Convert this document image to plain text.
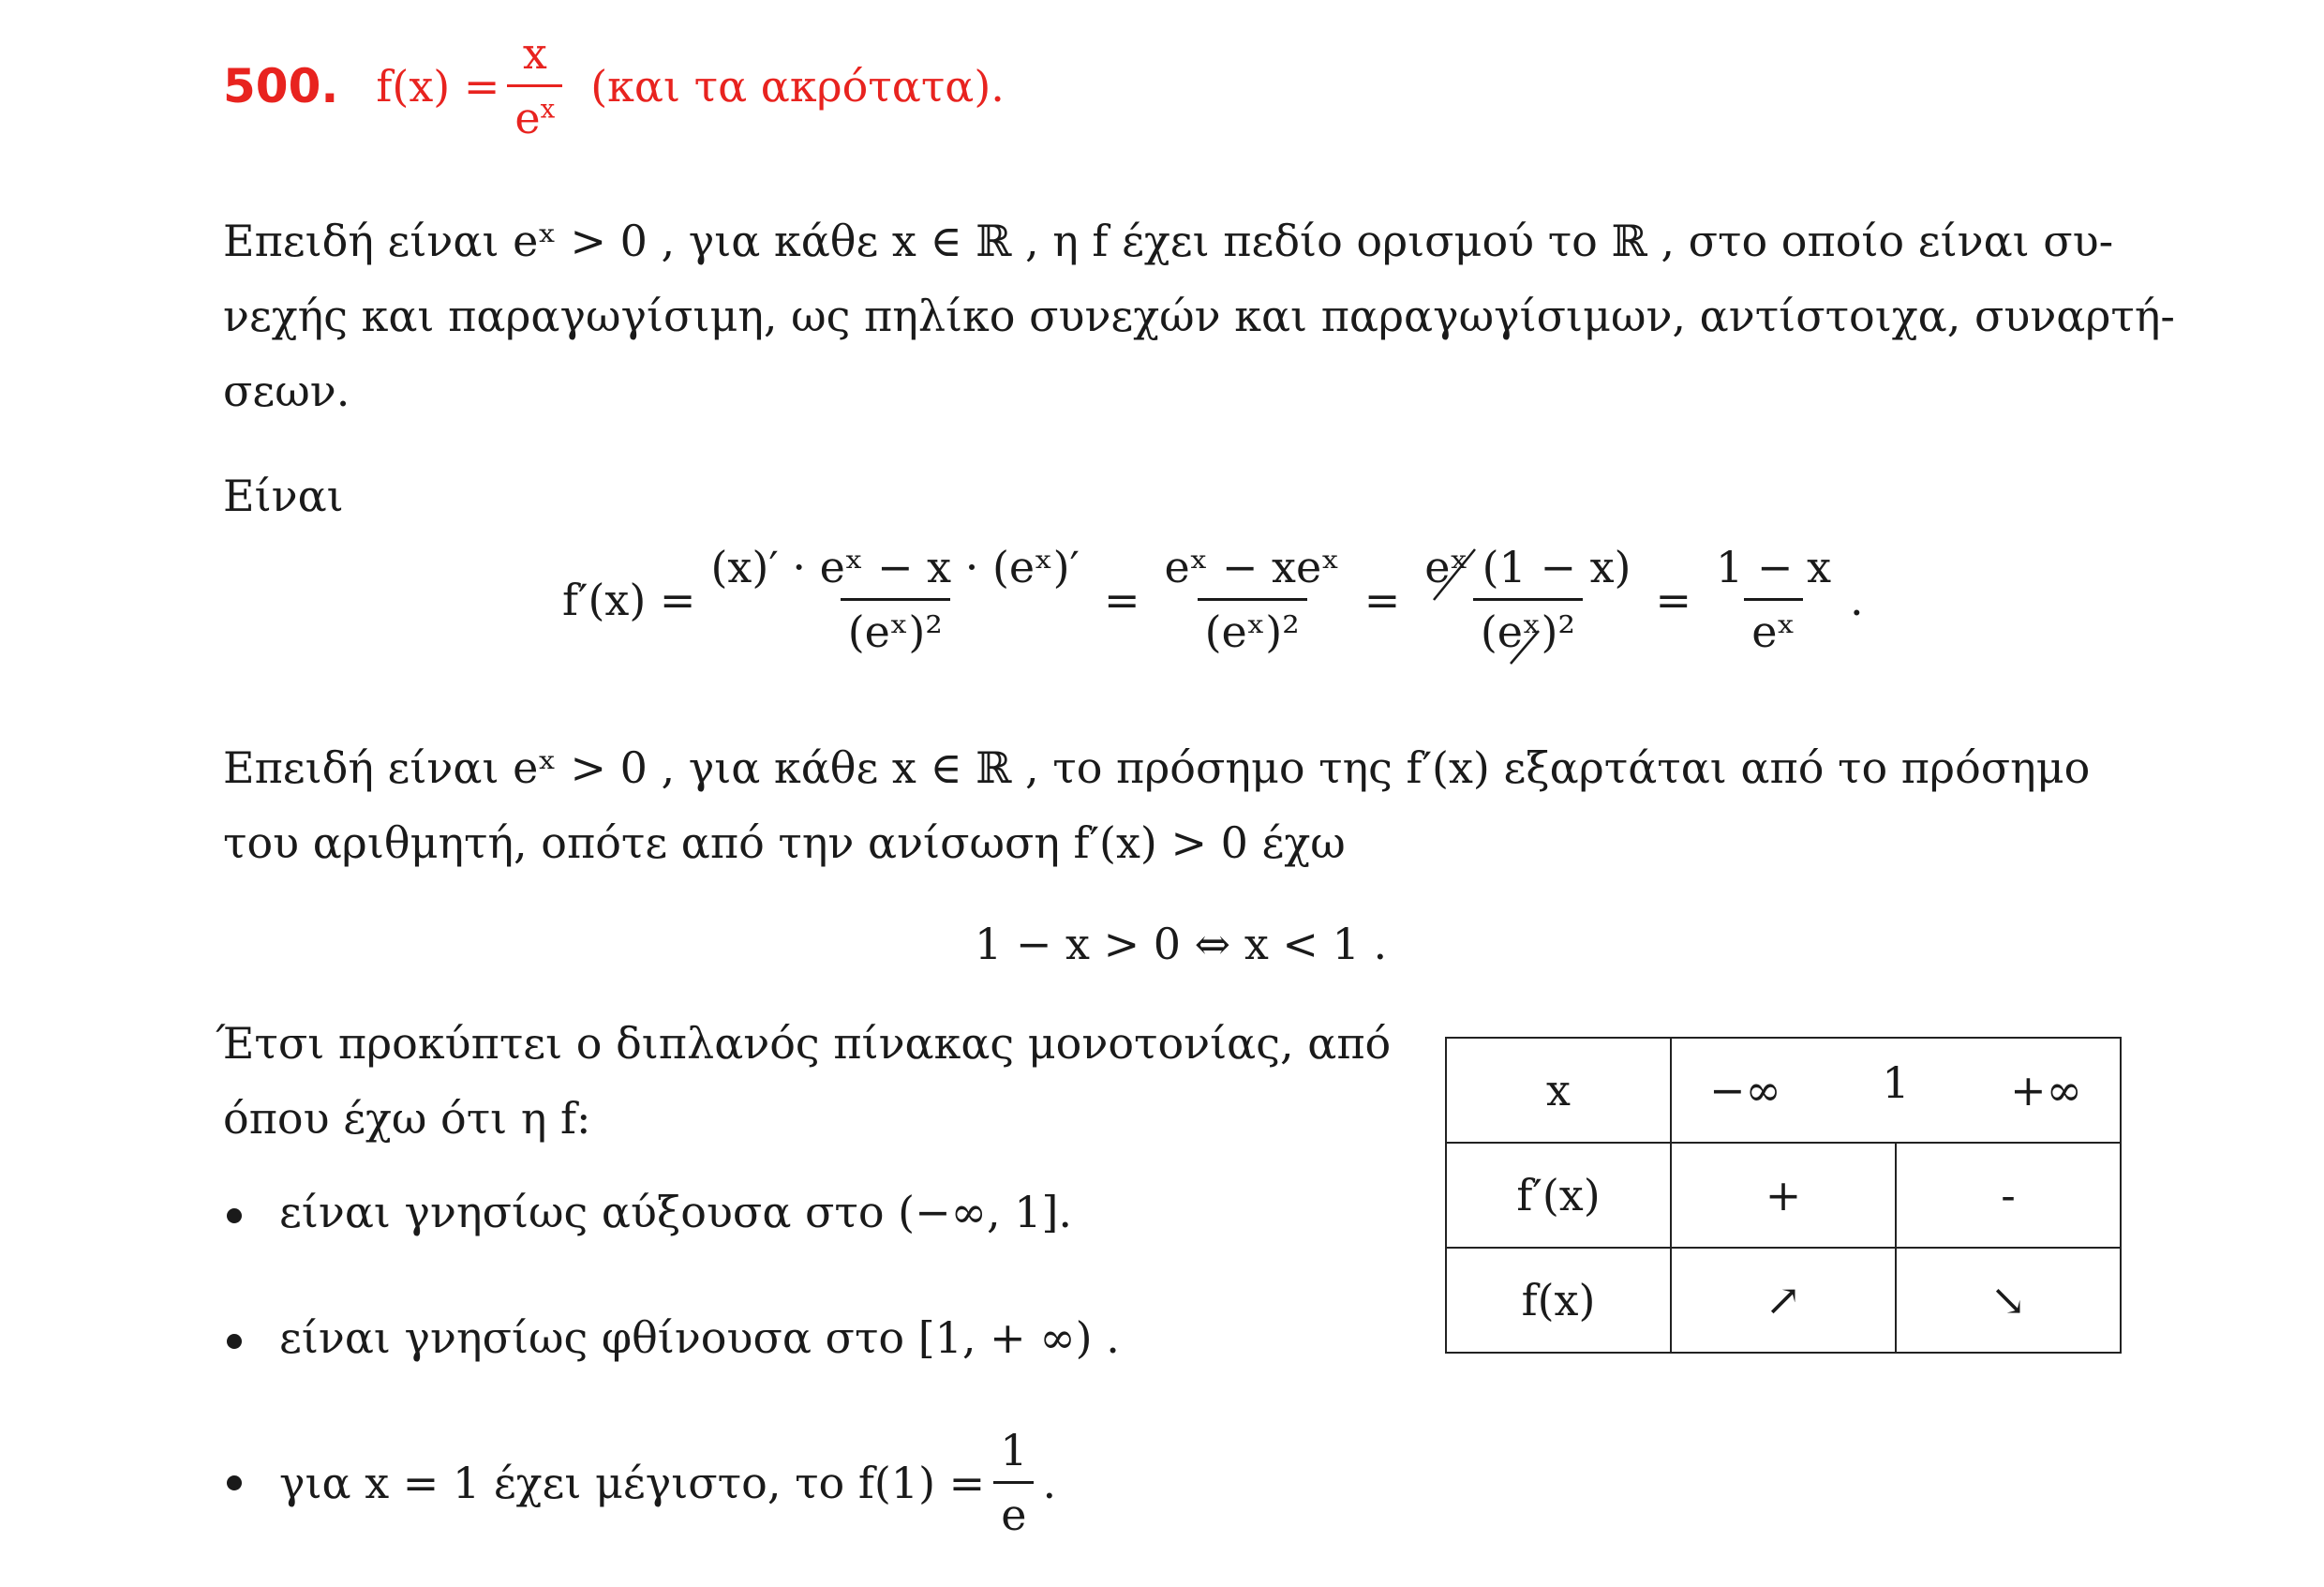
500. $f(x) = \frac{x}{e^x} (\kappa\alpha\iota$ τα ακρότατα).
Επειδή είναι eˣ > 0 , για κάθε x ∈ ℝ , η f έχει πεδίο ορισμού το ℝ , στο οποίο είναι συ-
νεχής και παραγωγίσιμη, ως πηλίκο συνεχών και παραγωγίσιμων, αντίστοιχα, συναρτή-
σεων.
Είναι
$f'(x) = \frac{\text{(x)′ · eˣ − x · (eˣ)′}}{\text{(eˣ)²}} = \frac{\text{eˣ − xeˣ}}{\text{(eˣ)²}} = \frac{\text{eˣ (1 − x)}}{\text{(eˣ)²}} = \frac{1 - x}{\text{eˣ}}$ .
Επειδή είναι eˣ > 0 , για κάθε x ∈ ℝ , το πρόσημο της f′(x) εξαρτάται από το πρόσημο
του αριθμητή, οπότε από την ανίσωση f′(x) > 0 έχω
1 − x > 0 ⇔ x < 1 .
Έτσι προκύπτει ο διπλανός πίνακας μονοτονίας, από
όπου έχω ότι η f:
είναι γνησίως αύξουσα στο (−∞, 1].
είναι γνησίως φθίνουσα στο [1, + ∞) .
για x = 1 έχει μέγιστο, το $f(1) = \frac{1}{e}$ .
x	−∞ 1 +∞	

f′(x)	+	-
f(x)	↗	↘
